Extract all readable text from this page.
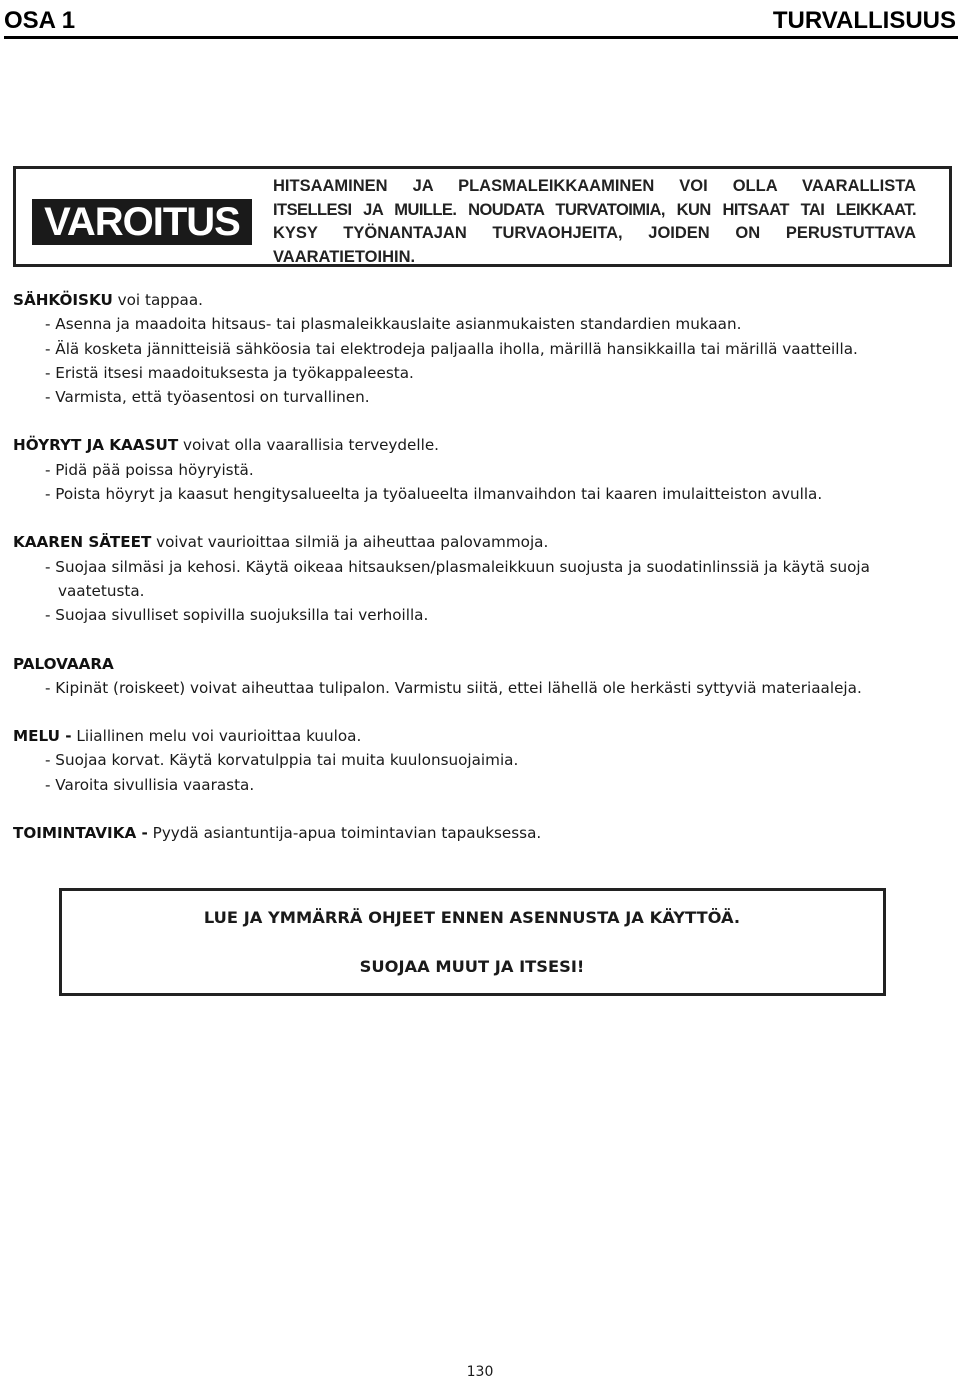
OSA 1	TURVALLISUUS
VAROITUS
HITSAAMINEN JA PLASMALEIKKAAMINEN VOI OLLA VAARALLISTA
ITSELLESI JA MUILLE. NOUDATA TURVATOIMIA, KUN HITSAAT TAI LEIKKAAT.
KYSY TYÖNANTAJAN TURVAOHJEITA, JOIDEN ON PERUSTUTTAVA
VAARATIETOIHIN.
SÄHKÖISKU voi tappaa.
- Asenna ja maadoita hitsaus- tai plasmaleikkauslaite asianmukaisten standardien mukaan.
- Älä kosketa jännitteisiä sähköosia tai elektrodeja paljaalla iholla, märillä hansikkailla tai märillä vaatteilla.
- Eristä itsesi maadoituksesta ja työkappaleesta.
- Varmista, että työasentosi on turvallinen.
HÖYRYT JA KAASUT voivat olla vaarallisia terveydelle.
- Pidä pää poissa höyryistä.
- Poista höyryt ja kaasut hengitysalueelta ja työalueelta ilmanvaihdon tai kaaren imulaitteiston avulla.
KAAREN SÄTEET voivat vaurioittaa silmiä ja aiheuttaa palovammoja.
- Suojaa silmäsi ja kehosi. Käytä oikeaa hitsauksen/plasmaleikkuun suojusta ja suodatinlinssiä ja käytä suoja vaatetusta.
- Suojaa sivulliset sopivilla suojuksilla tai verhoilla.
PALOVAARA
- Kipinät (roiskeet) voivat aiheuttaa tulipalon. Varmistu siitä, ettei lähellä ole herkästi syttyviä materiaaleja.
MELU - Liiallinen melu voi vaurioittaa kuuloa.
- Suojaa korvat. Käytä korvatulppia tai muita kuulonsuojaimia.
- Varoita sivullisia vaarasta.
TOIMINTAVIKA - Pyydä asiantuntija-apua toimintavian tapauksessa.
LUE JA YMMÄRRÄ OHJEET ENNEN ASENNUSTA JA KÄYTTÖÄ.
SUOJAA MUUT JA ITSESI!
130
